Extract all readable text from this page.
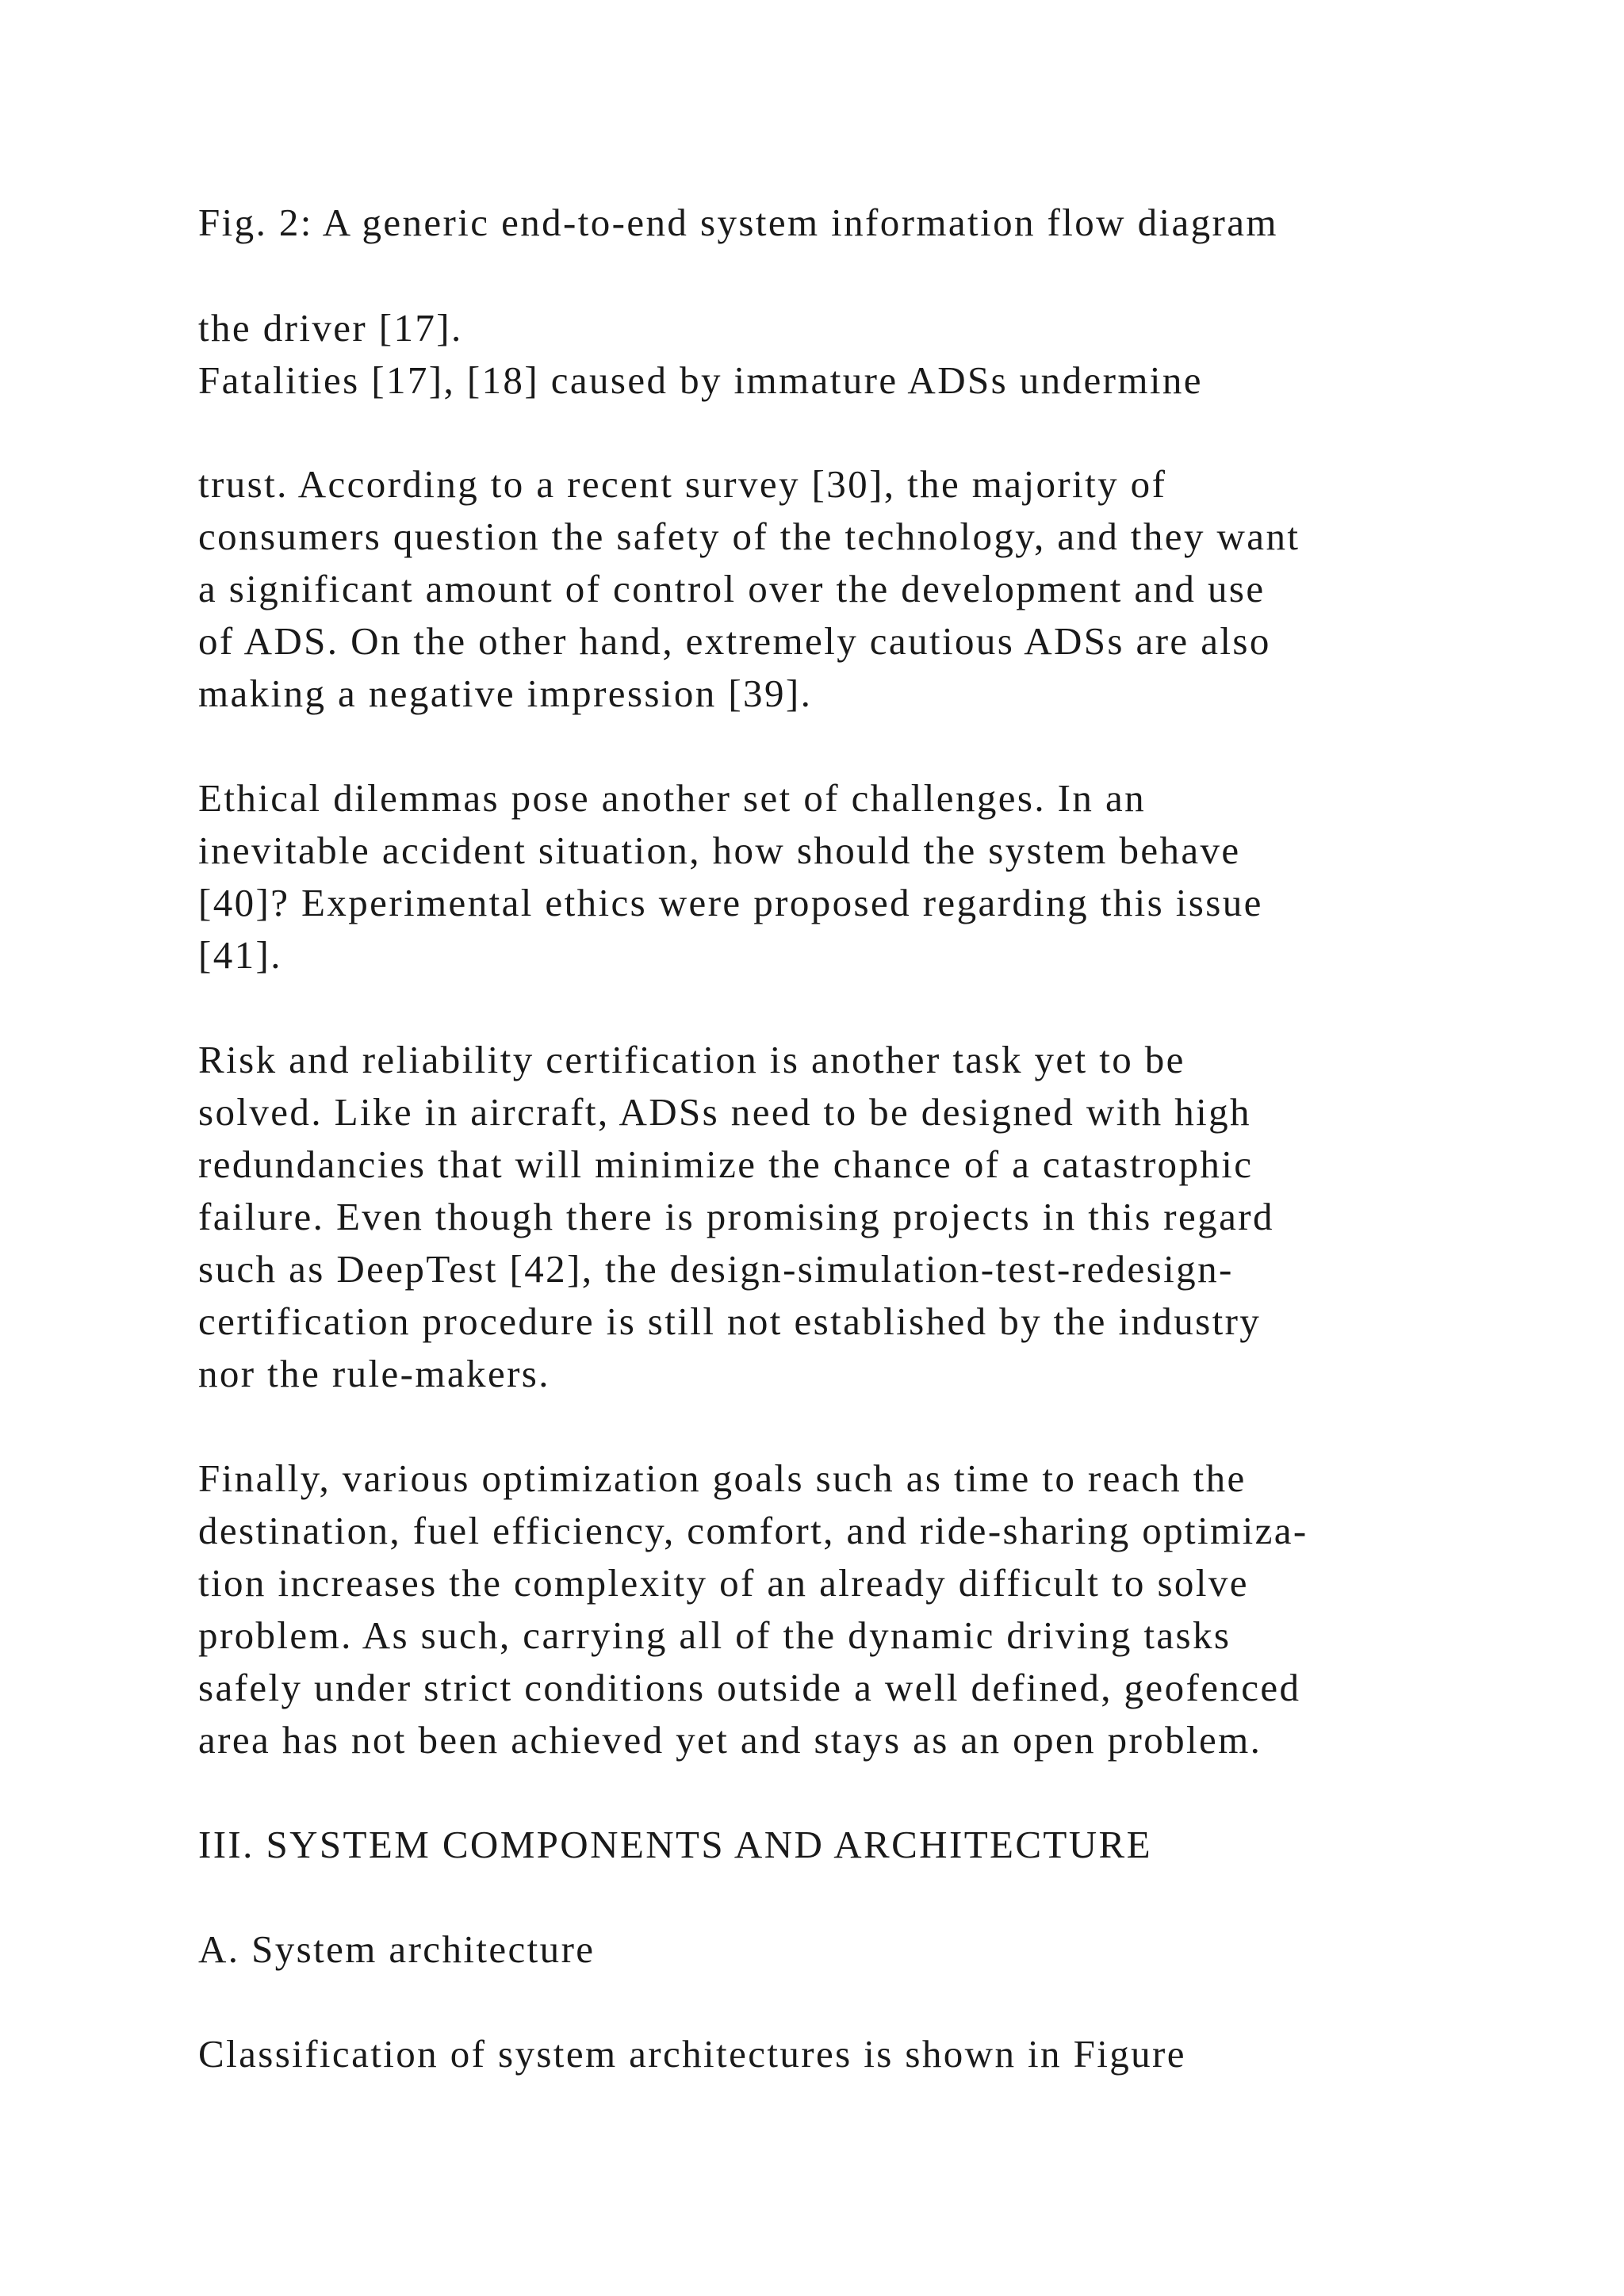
Fig. 2: A generic end-to-end system information flow diagram

the driver [17].

Fatalities [17], [18] caused by immature ADSs undermine

trust. According to a recent survey [30], the majority of

consumers question the safety of the technology, and they want

a significant amount of control over the development and use

of ADS. On the other hand, extremely cautious ADSs are also

making a negative impression [39].

Ethical dilemmas pose another set of challenges. In an

inevitable accident situation, how should the system behave

[40]? Experimental ethics were proposed regarding this issue

[41].

Risk and reliability certification is another task yet to be

solved. Like in aircraft, ADSs need to be designed with high

redundancies that will minimize the chance of a catastrophic

failure. Even though there is promising projects in this regard

such as DeepTest [42], the design-simulation-test-redesign-

certification procedure is still not established by the industry

nor the rule-makers.

Finally, various optimization goals such as time to reach the

destination, fuel efficiency, comfort, and ride-sharing optimiza-

tion increases the complexity of an already difficult to solve

problem. As such, carrying all of the dynamic driving tasks

safely under strict conditions outside a well defined, geofenced

area has not been achieved yet and stays as an open problem.

III. SYSTEM COMPONENTS AND ARCHITECTURE

A. System architecture

Classification of system architectures is shown in Figure
